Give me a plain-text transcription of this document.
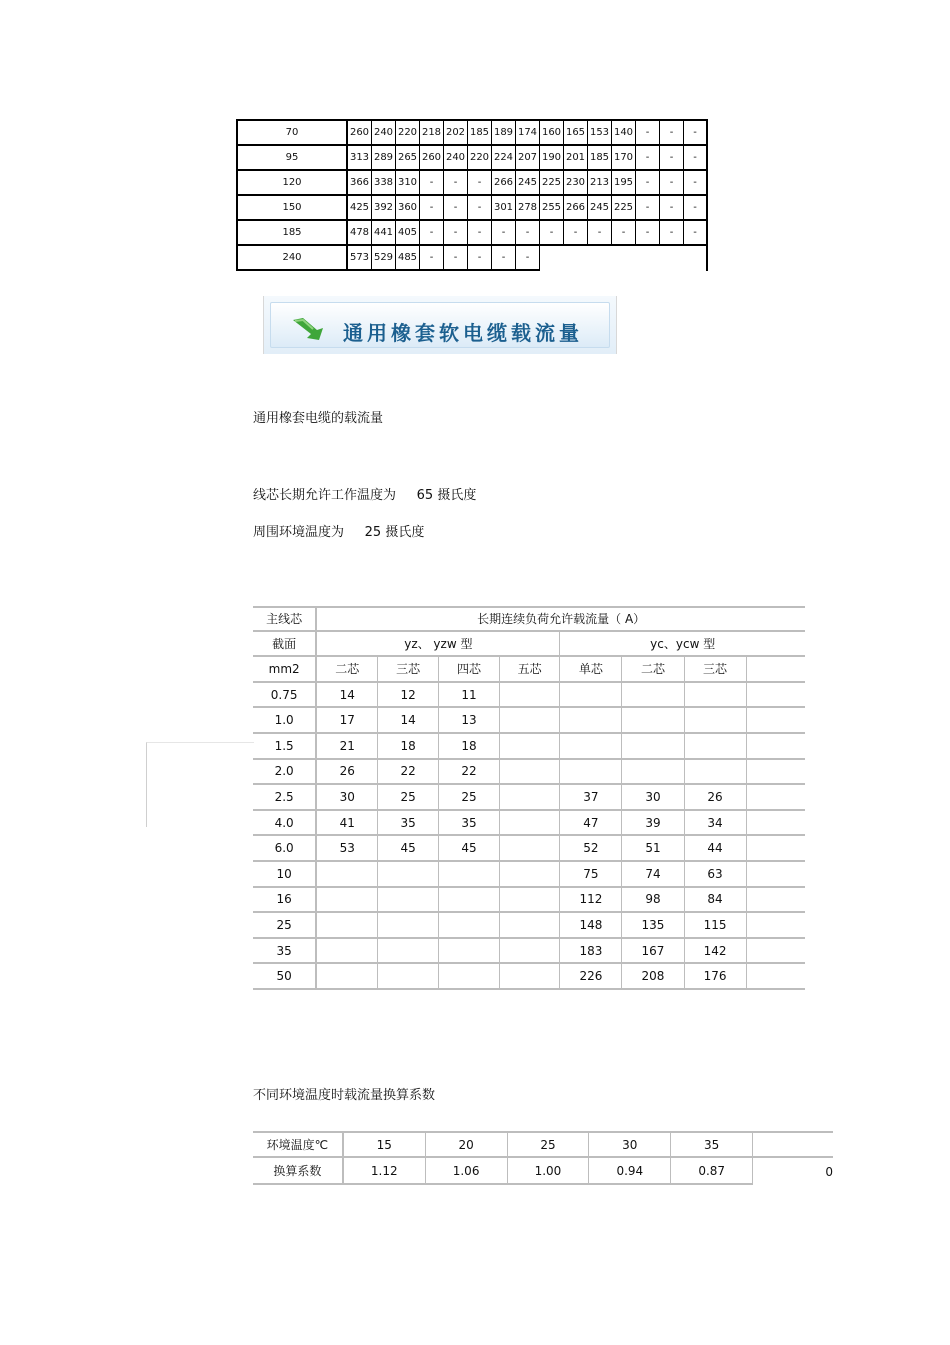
70	260	240	220	218	202	185	189	174	160	165	153	140	-	-	-
95	313	289	265	260	240	220	224	207	190	201	185	170	-	-	-
120	366	338	310	-	-	-	266	245	225	230	213	195	-	-	-
150	425	392	360	-	-	-	301	278	255	266	245	225	-	-	-
185	478	441	405	-	-	-	-	-	-	-	-	-	-	-	-
240	573	529	485	-	-	-	-	-							
通用橡套软电缆载流量
通用橡套电缆的载流量
线芯长期允许工作温度为     65 摄氏度
周围环境温度为     25 摄氏度
主线芯	长期连续负荷允许载流量（ A）							
截面	yz、 yzw 型				yc、ycw 型			
mm2	二芯	三芯	四芯	五芯	单芯	二芯	三芯	
0.75	14	12	11					
1.0	17	14	13					
1.5	21	18	18					
2.0	26	22	22					
2.5	30	25	25		37	30	26	
4.0	41	35	35		47	39	34	
6.0	53	45	45		52	51	44	
10					75	74	63	
16					112	98	84	
25					148	135	115	
35					183	167	142	
50					226	208	176	
不同环境温度时载流量换算系数
环境温度℃	15	20	25	30	35	
换算系数	1.12	1.06	1.00	0.94	0.87	0
